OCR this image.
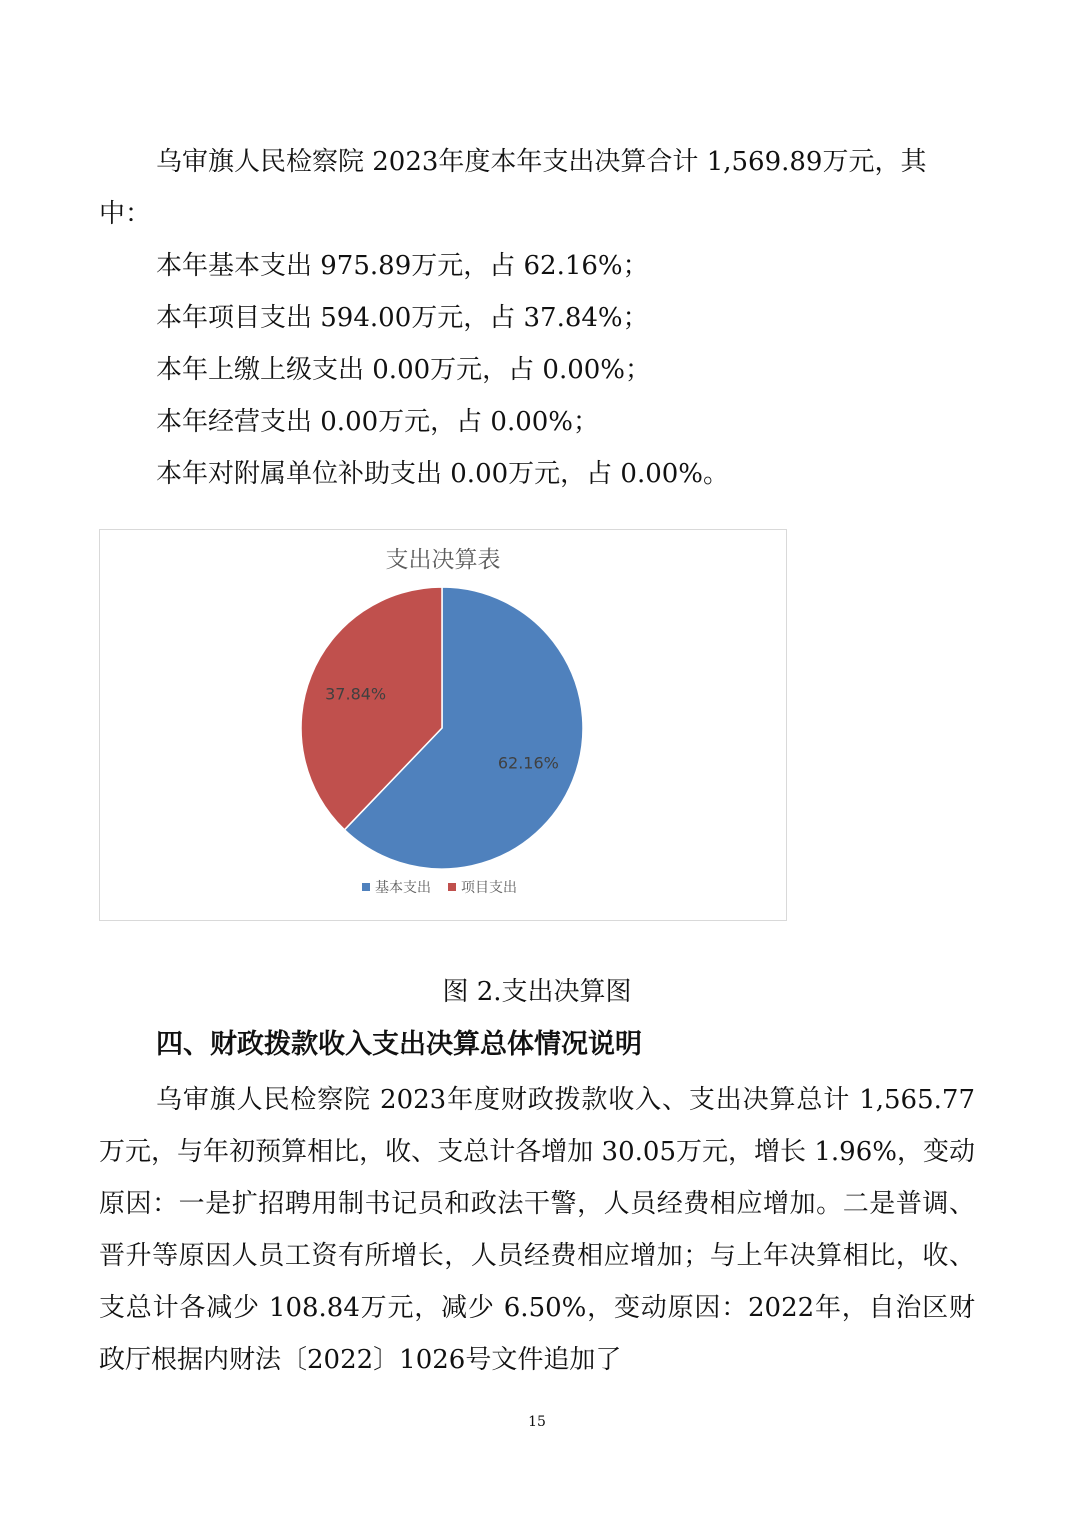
乌审旗人民检察院 2023年度本年支出决算合计 1,569.89万元，其中：

本年基本支出 975.89万元，占 62.16%；
本年项目支出 594.00万元，占 37.84%；
本年上缴上级支出 0.00万元，占 0.00%；
本年经营支出 0.00万元，占 0.00%；
本年对附属单位补助支出 0.00万元，占 0.00%。
支出决算表
62.16%
37.84%
基本支出 项目支出

图 2.支出决算图

四、财政拨款收入支出决算总体情况说明

乌审旗人民检察院 2023年度财政拨款收入、支出决算总计 1,565.77万元，与年初预算相比，收、支总计各增加 30.05万元，增长 1.96%，变动原因：一是扩招聘用制书记员和政法干警，人员经费相应增加。二是普调、晋升等原因人员工资有所增长，人员经费相应增加；与上年决算相比，收、支总计各减少 108.84万元，减少 6.50%，变动原因：2022年，自治区财政厅根据内财法〔2022〕1026号文件追加了

15
